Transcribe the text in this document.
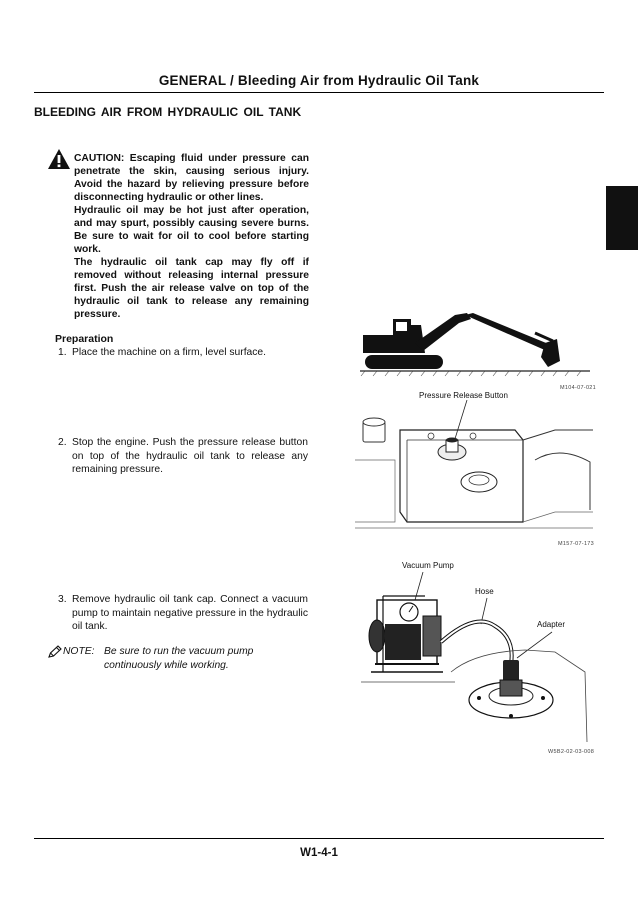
GENERAL / Bleeding Air from Hydraulic Oil Tank
BLEEDING AIR FROM HYDRAULIC OIL TANK

CAUTION: Escaping fluid under pressure can penetrate the skin, causing serious injury. Avoid the hazard by relieving pressure before disconnecting hydraulic or other lines.

Hydraulic oil may be hot just after operation, and may spurt, possibly causing severe burns. Be sure to wait for oil to cool before starting work.

The hydraulic oil tank cap may fly off if removed without releasing internal pressure first. Push the air release valve on top of the hydraulic oil tank to release any remaining pressure.

Preparation
1. Place the machine on a firm, level surface.
2. Stop the engine. Push the pressure release button on top of the hydraulic oil tank to release any remaining pressure.
3. Remove hydraulic oil tank cap. Connect a vacuum pump to maintain negative pressure in the hydraulic oil tank.
NOTE: Be sure to run the vacuum pump continuously while working.
M104-07-021
Pressure Release Button
M157-07-173
Vacuum Pump
Hose
Adapter
W5B2-02-03-008
W1-4-1
